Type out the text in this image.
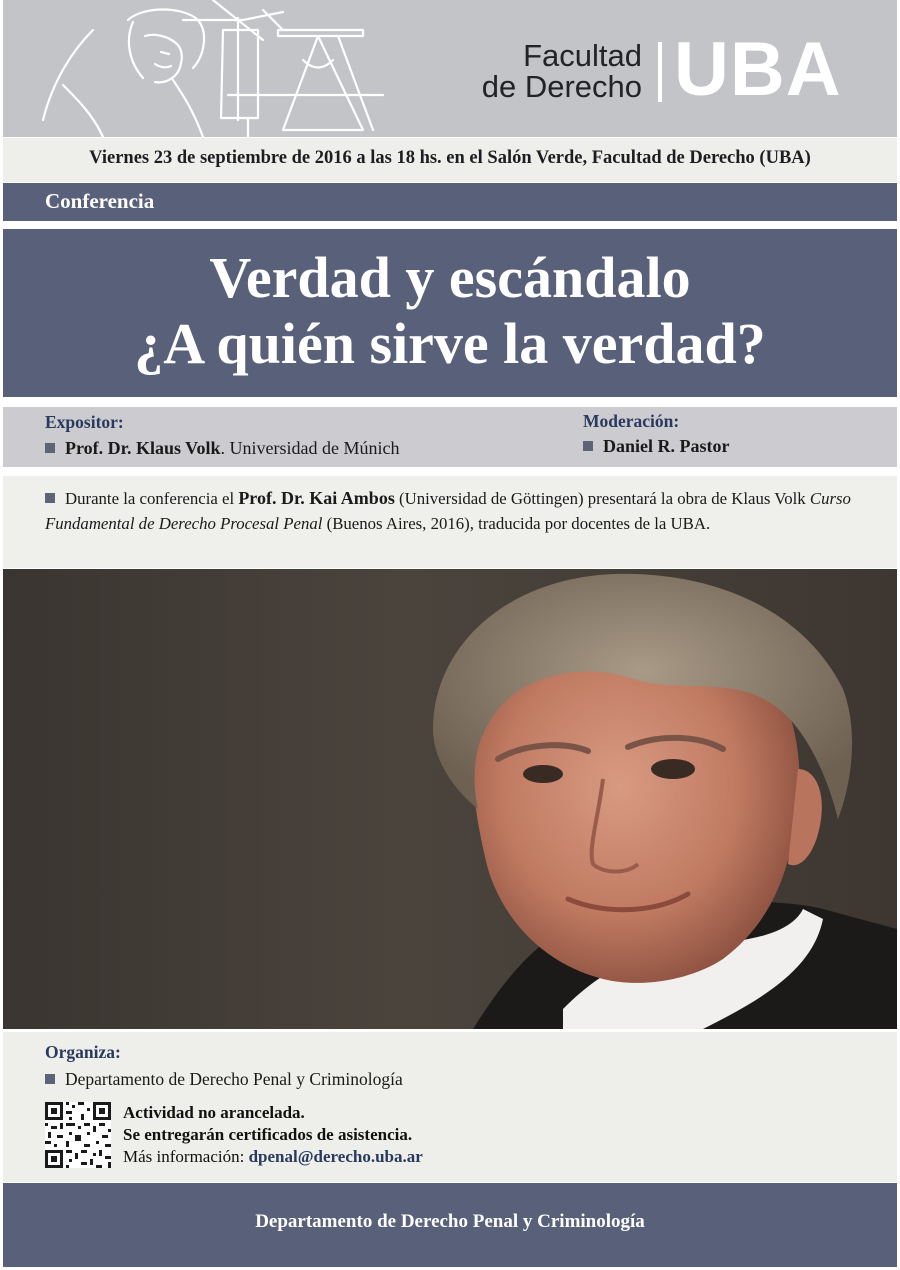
Facultad
de Derecho UBA
Viernes 23 de septiembre de 2016 a las 18 hs. en el Salón Verde, Facultad de Derecho (UBA)
Conferencia
Verdad y escándalo
¿A quién sirve la verdad?
Expositor:
Prof. Dr. Klaus Volk. Universidad de Múnich
Moderación:
Daniel R. Pastor

Durante la conferencia el Prof. Dr. Kai Ambos (Universidad de Göttingen) presentará la obra de Klaus Volk Curso Fundamental de Derecho Procesal Penal (Buenos Aires, 2016), traducida por docentes de la UBA.

Organiza:
Departamento de Derecho Penal y Criminología
Actividad no arancelada.
Se entregarán certificados de asistencia.
Más información: dpenal@derecho.uba.ar
Departamento de Derecho Penal y Criminología
